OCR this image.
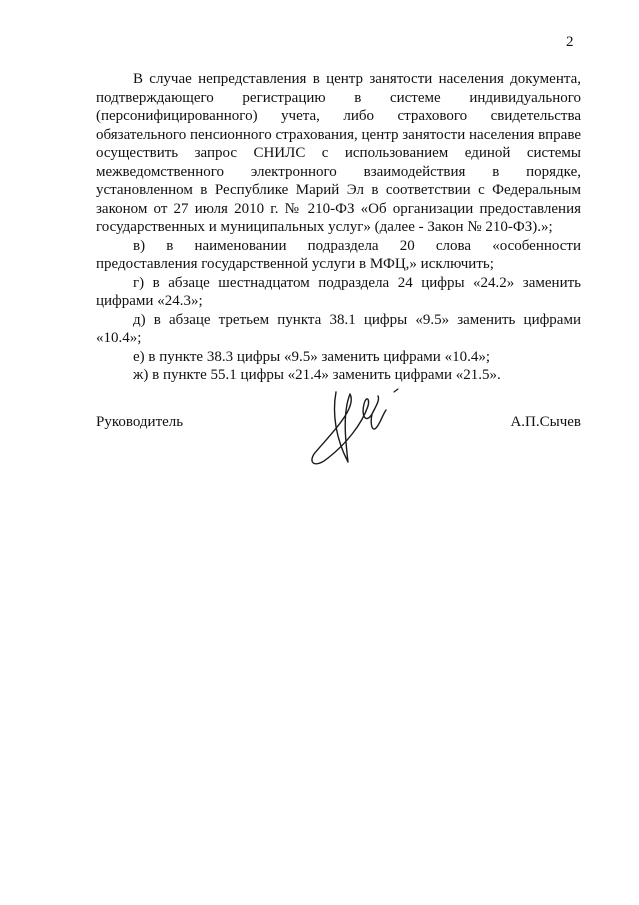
2

В случае непредставления в центр занятости населения документа, подтверждающего регистрацию в системе индивидуального (персонифицированного) учета, либо страхового свидетельства обязательного пенсионного страхования, центр занятости населения вправе осуществить запрос СНИЛС с использованием единой системы межведомственного электронного взаимодействия в порядке, установленном в Республике Марий Эл в соответствии с Федеральным законом от 27 июля 2010 г. № 210-ФЗ «Об организации предоставления государственных и муниципальных услуг» (далее - Закон № 210-ФЗ).»;

в) в наименовании подраздела 20 слова «особенности предоставления государственной услуги в МФЦ,» исключить;

г) в абзаце шестнадцатом подраздела 24 цифры «24.2» заменить цифрами «24.3»;

д) в абзаце третьем пункта 38.1 цифры «9.5» заменить цифрами «10.4»;

е) в пункте 38.3 цифры «9.5» заменить цифрами «10.4»;

ж) в пункте 55.1 цифры «21.4» заменить цифрами «21.5».

Руководитель	А.П.Сычев
